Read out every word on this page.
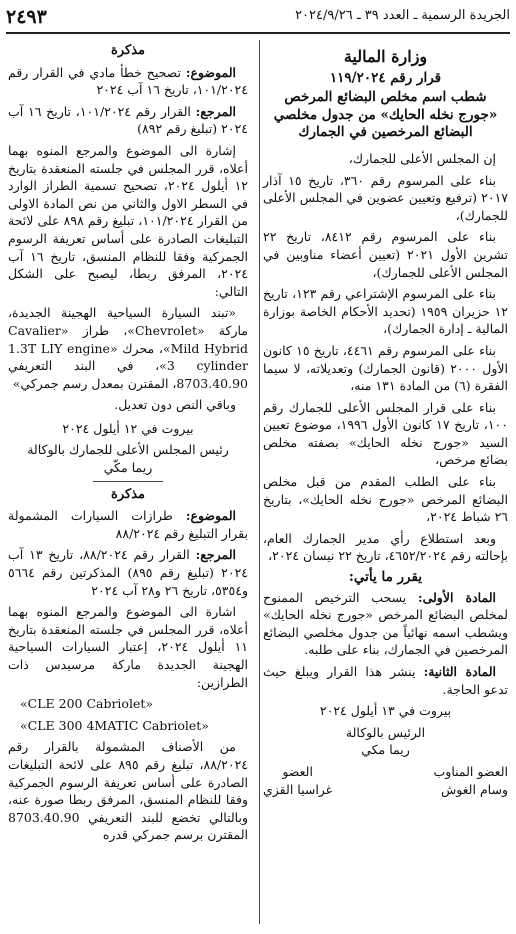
٢٤٩٣	الجريدة الرسمية ـ العدد ٣٩ ـ ٢٠٢٤/٩/٢٦
وزارة المالية
قرار رقم ١١٩/٢٠٢٤
شطب اسم مخلص البضائع المرخص «جورج نخله الحايك» من جدول مخلصي البضائع المرخصين في الجمارك

إن المجلس الأعلى للجمارك،

بناء على المرسوم رقم ٣٦٠، تاريخ ١٥ آذار ٢٠١٧ (ترفيع وتعيين عضوين في المجلس الأعلى للجمارك)،

بناء على المرسوم رقم ٨٤١٢، تاريخ ٢٢ تشرين الأول ٢٠٢١ (تعيين أعضاء مناوبين في المجلس الأعلى للجمارك)،

بناء على المرسوم الإشتراعي رقم ١٢٣، تاريخ ١٢ حزيران ١٩٥٩ (تحديد الأحكام الخاصة بوزارة المالية ـ إدارة الجمارك)،

بناء على المرسوم رقم ٤٤٦١، تاريخ ١٥ كانون الأول ٢٠٠٠ (قانون الجمارك) وتعديلاته، لا سيما الفقرة (٦) من المادة ١٣١ منه،

بناء على قرار المجلس الأعلى للجمارك رقم ١٠٠، تاريخ ١٧ كانون الأول ١٩٩٦، موضوع تعيين السيد «جورج نخله الحايك» بصفته مخلص بضائع مرخص،

بناء على الطلب المقدم من قبل مخلص البضائع المرخص «جورج نخله الحايك»، بتاريخ ٢٦ شباط ٢٠٢٤،

وبعد استطلاع رأي مدير الجمارك العام، بإحالته رقم ٤٦٥٢/٢٠٢٤، تاريخ ٢٢ نيسان ٢٠٢٤،

يقرر ما يأتي:

المادة الأولى: يسحب الترخيص الممنوح لمخلص البضائع المرخص «جورج نخله الحايك» ويشطب اسمه نهائياً من جدول مخلصي البضائع المرخصين في الجمارك، بناء على طلبه.

المادة الثانية: ينشر هذا القرار ويبلغ حيث تدعو الحاجة.

بيروت في ١٣ أيلول ٢٠٢٤

الرئيس بالوكالة

ريما مكي

العضو المناوب
وسام الغوش
العضو
غراسيا القزي
مذكرة

الموضوع: تصحيح خطأ مادي في القرار رقم ١٠١/٢٠٢٤، تاريخ ١٦ آب ٢٠٢٤

المرجع: القرار رقم ١٠١/٢٠٢٤، تاريخ ١٦ آب ٢٠٢٤ (تبليغ رقم ٨٩٢)

إشارة الى الموضوع والمرجع المنوه بهما أعلاه، قرر المجلس في جلسته المنعقدة بتاريخ ١٢ أيلول ٢٠٢٤، تصحيح تسمية الطراز الوارد في السطر الاول والثاني من نص المادة الاولى من القرار ١٠١/٢٠٢٤، تبليغ رقم ٨٩٨ على لائحة التبليغات الصادرة على أساس تعريفة الرسوم الجمركية وفقا للنظام المنسق، تاريخ ١٦ آب ٢٠٢٤، المرفق ربطا، ليصبح على الشكل التالي:

«تبند السيارة السياحية الهجينة الجديدة، ماركة «Chevrolet»، طراز «Cavalier Mild Hybrid»، محرك «1.3T LIY engine 3 cylinder»، في البند التعريفي 8703.40.90، المقترن بمعدل رسم جمركي»

وباقي النص دون تعديل.

بيروت في ١٢ أيلول ٢٠٢٤

رئيس المجلس الأعلى للجمارك بالوكالة

ريما مكّي

مذكرة

الموضوع: طرازات السيارات المشمولة بقرار التبليغ رقم ٨٨/٢٠٢٤

المرجع: القرار رقم ٨٨/٢٠٢٤، تاريخ ١٣ آب ٢٠٢٤ (تبليغ رقم ٨٩٥) المذكرتين رقم ٥٦٦٤ و٥٣٥٤، تاريخ ٢٦ و٢٨ آب ٢٠٢٤

اشارة الى الموضوع والمرجع المنوه بهما أعلاه، قرر المجلس في جلسته المنعقدة بتاريخ ١١ أيلول ٢٠٢٤، إعتبار السيارات السياحية الهجينة الجديدة ماركة مرسيدس ذات الطرازين:

«CLE 200 Cabriolet»

«CLE 300 4MATIC Cabriolet»

من الأصناف المشمولة بالقرار رقم ٨٨/٢٠٢٤، تبليغ رقم ٨٩٥ على لائحة التبليغات الصادرة على أساس تعريفة الرسوم الجمركية وفقا للنظام المنسق، المرفق ربطا صورة عنه، وبالتالي تخضع للبند التعريفي 8703.40.90 المقترن برسم جمركي قدره
